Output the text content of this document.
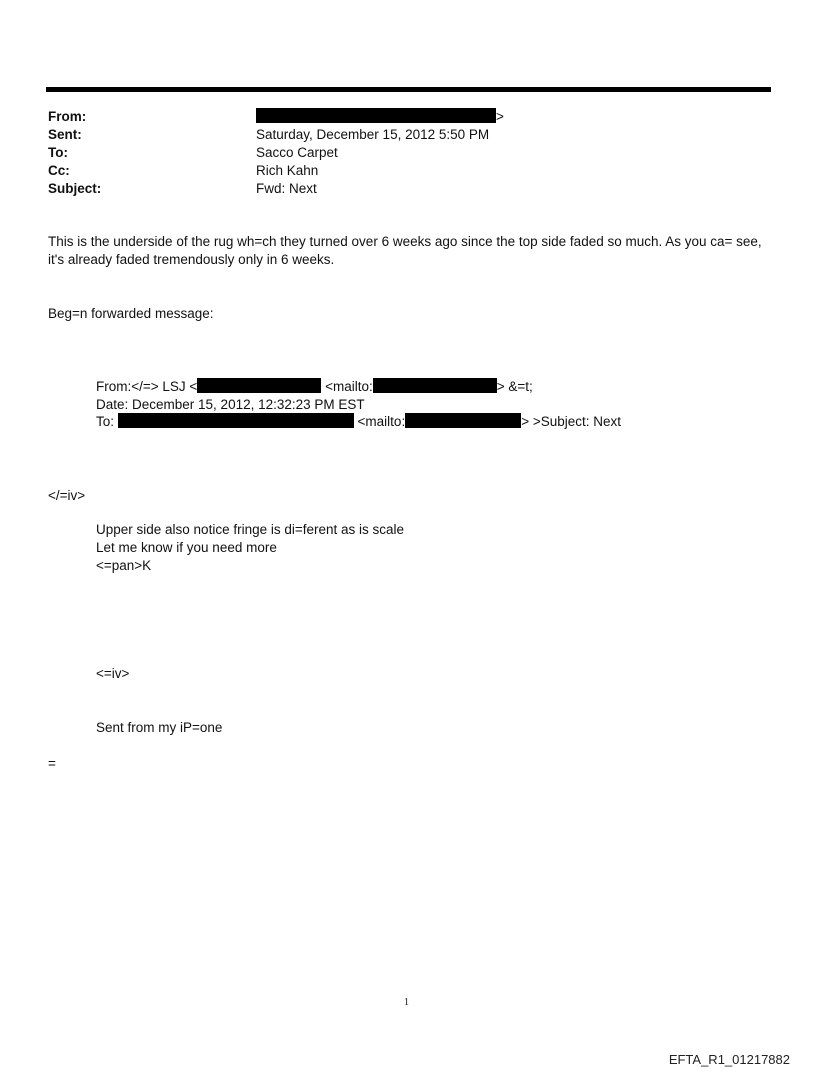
From:	>
Sent:	Saturday, December 15, 2012 5:50 PM
To:	Sacco Carpet
Cc:	Rich Kahn
Subject:	Fwd: Next
This is the underside of the rug wh=ch they turned over 6 weeks ago since the top side faded so much. As you ca= see,
it's already faded tremendously only in 6 weeks.
Beg=n forwarded message:
From:</=> LSJ <	<mailto:	> &=t;
Date: December 15, 2012, 12:32:23 PM EST
To:	<mailto:	> >Subject: Next
</=iv>
Upper side also notice fringe is di=ferent as is scale
Let me know if you need more
<=pan>K
<=iv>
Sent from my iP=one
=
1
EFTA_R1_01217882
